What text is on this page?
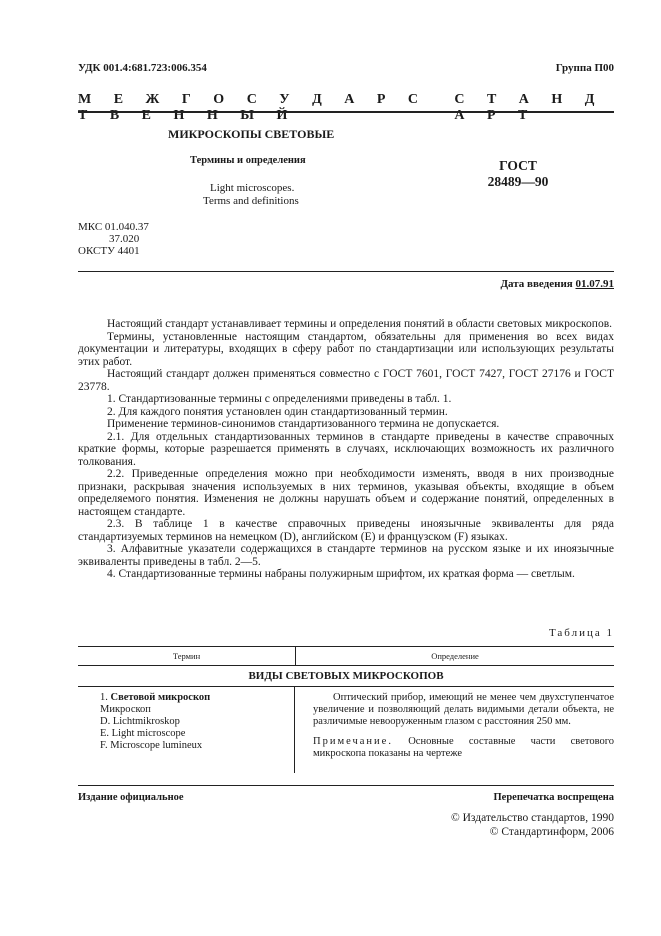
УДК 001.4:681.723:006.354	Группа П00
М Е Ж Г О С У Д А Р С Т В Е Н Н Ы Й
С Т А Н Д А Р Т
МИКРОСКОПЫ СВЕТОВЫЕ
Термины и определения
Light microscopes.
Terms and definitions
ГОСТ
28489—90
МКС 01.040.37
37.020
ОКСТУ 4401
Дата введения 01.07.91

Настоящий стандарт устанавливает термины и определения понятий в области световых микроскопов.

Термины, установленные настоящим стандартом, обязательны для применения во всех видах документации и литературы, входящих в сферу работ по стандартизации или использующих результаты этих работ.

Настоящий стандарт должен применяться совместно с ГОСТ 7601, ГОСТ 7427, ГОСТ 27176 и ГОСТ 23778.

1. Стандартизованные термины с определениями приведены в табл. 1.

2. Для каждого понятия установлен один стандартизованный термин.

Применение терминов-синонимов стандартизованного термина не допускается.

2.1. Для отдельных стандартизованных терминов в стандарте приведены в качестве справочных краткие формы, которые разрешается применять в случаях, исключающих возможность их различного толкования.

2.2. Приведенные определения можно при необходимости изменять, вводя в них производные признаки, раскрывая значения используемых в них терминов, указывая объекты, входящие в объем определяемого понятия. Изменения не должны нарушать объем и содержание понятий, определенных в настоящем стандарте.

2.3. В таблице 1 в качестве справочных приведены иноязычные эквиваленты для ряда стандартизуемых терминов на немецком (D), английском (E) и французском (F) языках.

3. Алфавитные указатели содержащихся в стандарте терминов на русском языке и их иноязычные эквиваленты приведены в табл. 2—5.

4. Стандартизованные термины набраны полужирным шрифтом, их краткая форма — светлым.

Таблица 1
Термин	Определение
ВИДЫ СВЕТОВЫХ МИКРОСКОПОВ
1. Световой микроскоп
Микроскоп
D. Lichtmikroskop
E. Light microscope
F. Microscope lumineux

Оптический прибор, имеющий не менее чем двухступенчатое увеличение и позволяющий делать видимыми детали объекта, не различимые невооруженным глазом с расстояния 250 мм.

Примечание. Основные составные части светового микроскопа показаны на чертеже

Издание официальное	Перепечатка воспрещена
© Издательство стандартов, 1990
© Стандартинформ, 2006
